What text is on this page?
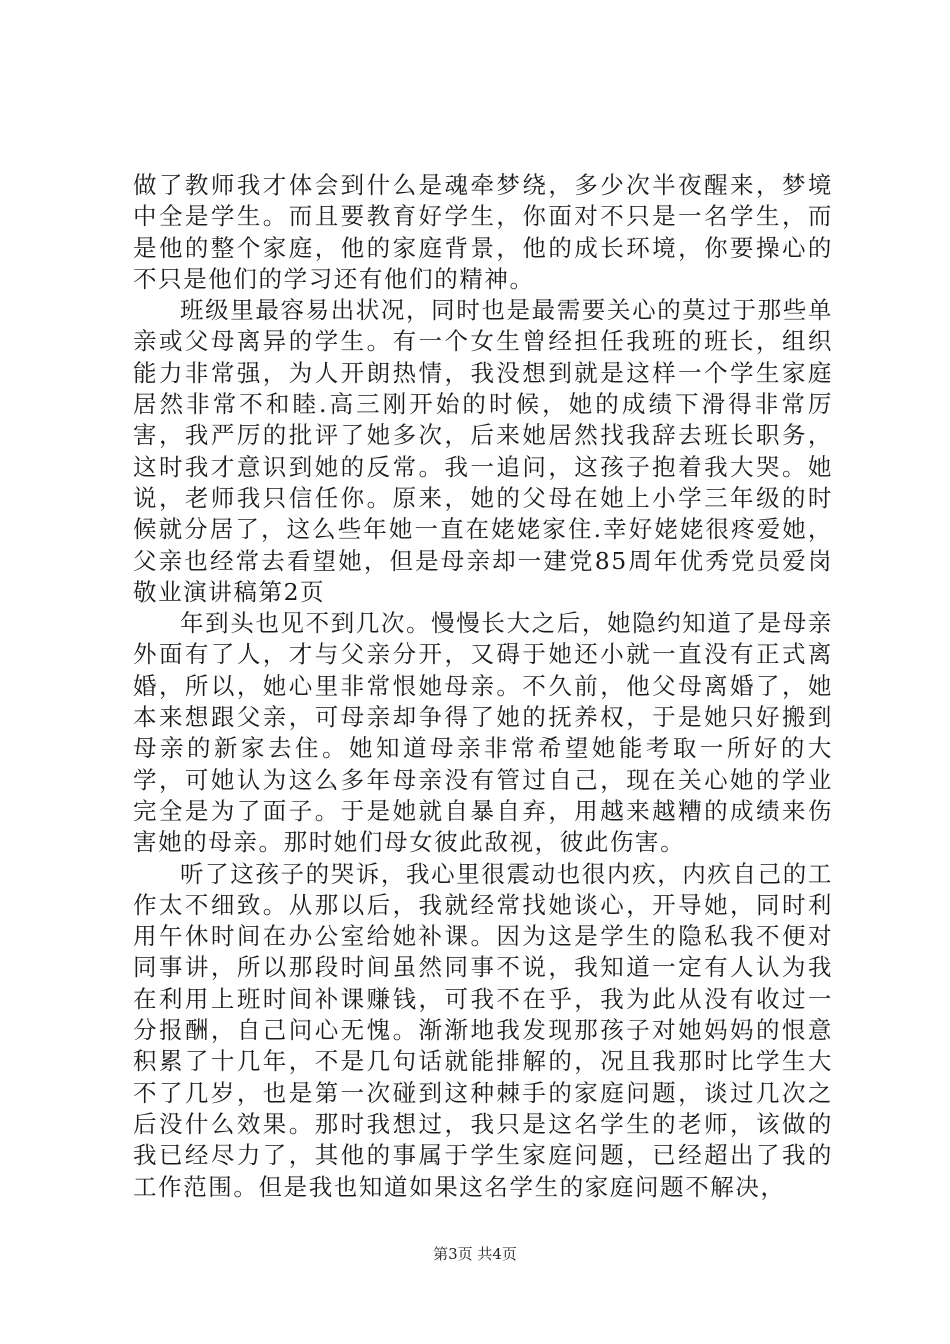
做了教师我才体会到什么是魂牵梦绕，多少次半夜醒来，梦境中全是学生。而且要教育好学生，你面对不只是一名学生，而是他的整个家庭，他的家庭背景，他的成长环境，你要操心的不只是他们的学习还有他们的精神。

班级里最容易出状况，同时也是最需要关心的莫过于那些单亲或父母离异的学生。有一个女生曾经担任我班的班长，组织能力非常强，为人开朗热情，我没想到就是这样一个学生家庭居然非常不和睦.高三刚开始的时候，她的成绩下滑得非常厉害，我严厉的批评了她多次，后来她居然找我辞去班长职务，这时我才意识到她的反常。我一追问，这孩子抱着我大哭。她说，老师我只信任你。原来，她的父母在她上小学三年级的时候就分居了，这么些年她一直在姥姥家住.幸好姥姥很疼爱她，父亲也经常去看望她，但是母亲却一建党85周年优秀党员爱岗敬业演讲稿第2页

年到头也见不到几次。慢慢长大之后，她隐约知道了是母亲外面有了人，才与父亲分开，又碍于她还小就一直没有正式离婚，所以，她心里非常恨她母亲。不久前，他父母离婚了，她本来想跟父亲，可母亲却争得了她的抚养权，于是她只好搬到母亲的新家去住。她知道母亲非常希望她能考取一所好的大学，可她认为这么多年母亲没有管过自己，现在关心她的学业完全是为了面子。于是她就自暴自弃，用越来越糟的成绩来伤害她的母亲。那时她们母女彼此敌视，彼此伤害。

听了这孩子的哭诉，我心里很震动也很内疚，内疚自己的工作太不细致。从那以后，我就经常找她谈心，开导她，同时利用午休时间在办公室给她补课。因为这是学生的隐私我不便对同事讲，所以那段时间虽然同事不说，我知道一定有人认为我在利用上班时间补课赚钱，可我不在乎，我为此从没有收过一分报酬，自己问心无愧。渐渐地我发现那孩子对她妈妈的恨意积累了十几年，不是几句话就能排解的，况且我那时比学生大不了几岁，也是第一次碰到这种棘手的家庭问题，谈过几次之后没什么效果。那时我想过，我只是这名学生的老师，该做的我已经尽力了，其他的事属于学生家庭问题，已经超出了我的工作范围。但是我也知道如果这名学生的家庭问题不解决，

第3页 共4页
